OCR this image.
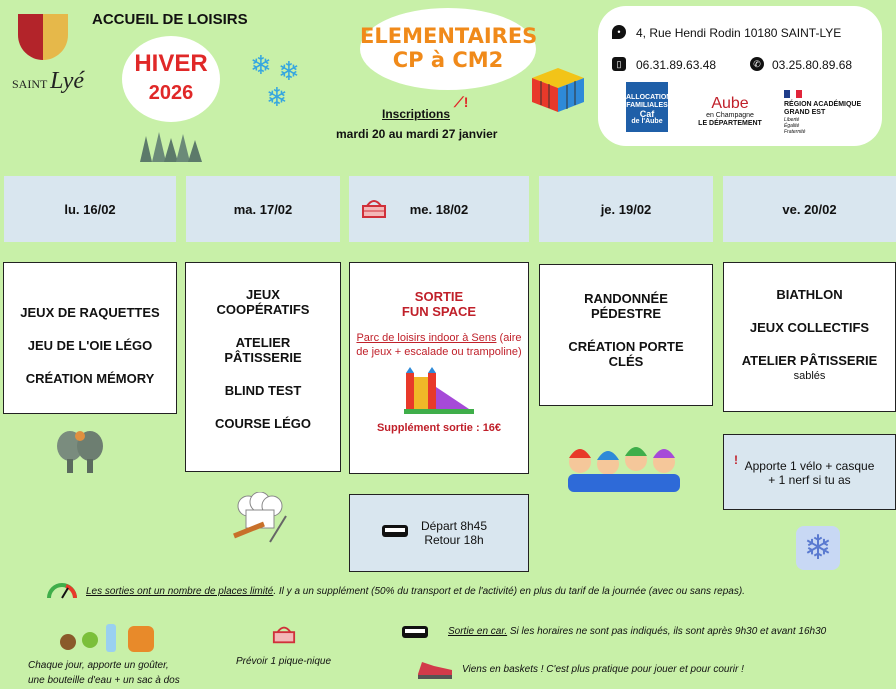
SAINT Lyé
ACCUEIL DE LOISIRS
HIVER
2026
❄ ❄
❄
ELEMENTAIRES
CP à CM2
Inscriptions
⟋!
mardi 20 au mardi 27 janvier
•	4, Rue Hendi Rodin 10180 SAINT-LYE
▯	06.31.89.63.48	✆ 03.25.80.89.68
ALLOCATIONS
FAMILIALES
Caf
de l'Aube
Aube
en Champagne
LE DÉPARTEMENT
RÉGION ACADÉMIQUE
GRAND EST
Liberté
Égalité
Fraternité
lu. 16/02	ma. 17/02	me. 18/02	je. 19/02	ve. 20/02
JEUX DE RAQUETTES
JEU DE L'OIE LÉGO
CRÉATION MÉMORY
JEUX COOPÉRATIFS
ATELIER PÂTISSERIE
BLIND TEST
COURSE LÉGO
SORTIE
FUN SPACE
Parc de loisirs indoor à Sens (aire de jeux + escalade ou trampoline)
Supplément sortie : 16€
RANDONNÉE PÉDESTRE
CRÉATION PORTE CLÉS
BIATHLON
JEUX COLLECTIFS
ATELIER PÂTISSERIE
sablés
Départ 8h45
Retour 18h
! Apporte 1 vélo + casque
+ 1 nerf si tu as
❄
Les sorties ont un nombre de places limité. Il y a un supplément (50% du transport et de l'activité) en plus du tarif de la journée (avec ou sans repas).
Chaque jour, apporte un goûter,
une bouteille d'eau + un sac à dos
Prévoir 1 pique-nique
Sortie en car. Si les horaires ne sont pas indiqués, ils sont après 9h30 et avant 16h30
Viens en baskets ! C'est plus pratique pour jouer et pour courir !
